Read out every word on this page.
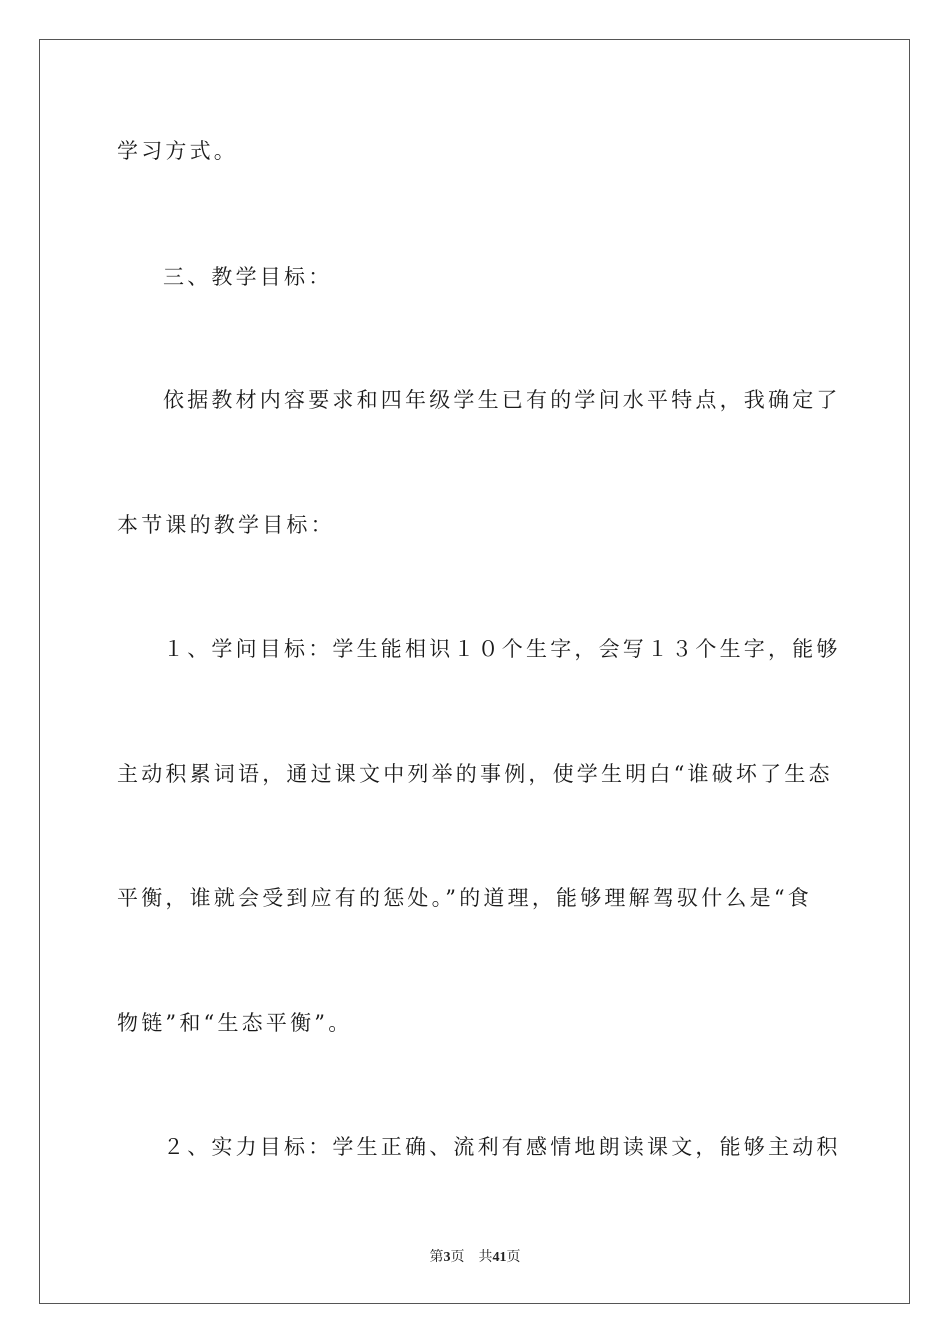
学习方式。
三、教学目标：
依据教材内容要求和四年级学生已有的学问水平特点，我确定了
本节课的教学目标：
１、学问目标：学生能相识１０个生字，会写１３个生字，能够
主动积累词语，通过课文中列举的事例，使学生明白“谁破坏了生态
平衡，谁就会受到应有的惩处。”的道理，能够理解驾驭什么是“食
物链”和“生态平衡”。
２、实力目标：学生正确、流利有感情地朗读课文，能够主动积
第3页 共41页
